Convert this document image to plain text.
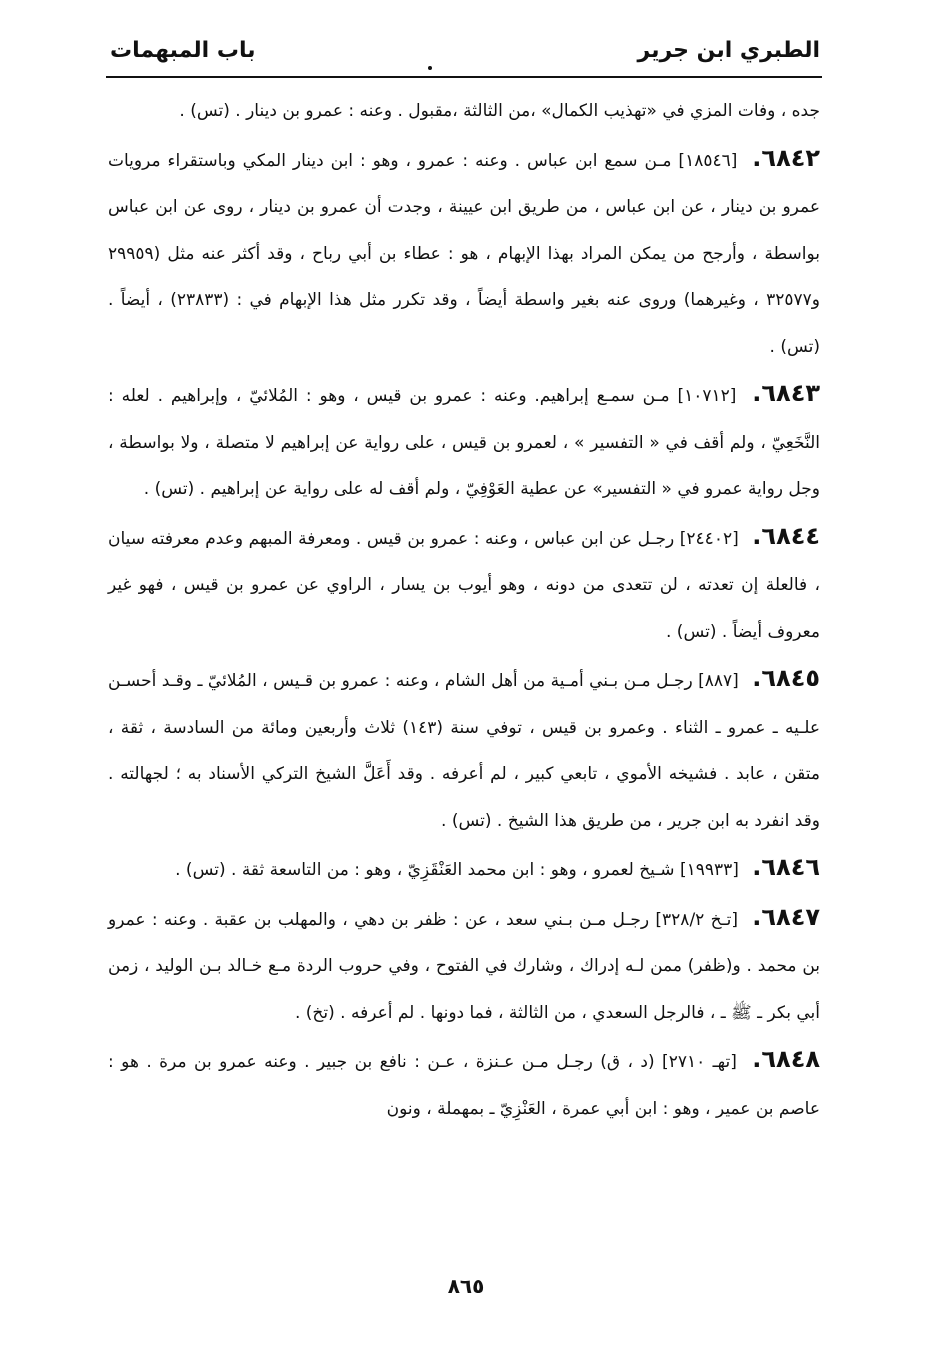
الطبري ابن جرير
باب المبهمات

جده ، وفات المزي في «تهذيب الكمال» ،من الثالثة ،مقبول . وعنه : عمرو بن دينار . (تس) .

٦٨٤٢. [١٨٥٤٦] مـن سمع ابن عباس . وعنه : عمرو ، وهو : ابن دينار المكي وباستقراء مرويات عمرو بن دينار ، عن ابن عباس ، من طريق ابن عيينة ، وجدت أن عمرو بن دينار ، روى عن ابن عباس بواسطة ، وأرجح من يمكن المراد بهذا الإبهام ، هو : عطاء بن أبي رباح ، وقد أكثر عنه مثل (٢٩٩٥٩ و٣٢٥٧٧ ، وغيرهما) وروى عنه بغير واسطة أيضاً ، وقد تكرر مثل هذا الإبهام في : (٢٣٨٣٣) ، أيضاً . (تس) .

٦٨٤٣. [١٠٧١٢] مـن سمـع إبراهيم. وعنه : عمرو بن قيس ، وهو : المُلائيّ ، وإبراهيم . لعله : النَّخَعِيّ ، ولم أقف في « التفسير » ، لعمرو بن قيس ، على رواية عن إبراهيم لا متصلة ، ولا بواسطة ، وجل رواية عمرو في « التفسير» عن عطية العَوْفِيّ ، ولم أقف له على رواية عن إبراهيم . (تس) .

٦٨٤٤. [٢٤٤٠٢] رجـل عن ابن عباس ، وعنه : عمرو بن قيس . ومعرفة المبهم وعدم معرفته سيان ، فالعلة إن تعدته ، لن تتعدى من دونه ، وهو أيوب بن يسار ، الراوي عن عمرو بن قيس ، فهو غير معروف أيضاً . (تس) .

٦٨٤٥. [٨٨٧] رجـل مـن بـني أمـية من أهل الشام ، وعنه : عمرو بن قـيس ، المُلائيّ ـ وقـد أحسـن علـيه ـ عمرو ـ الثناء . وعمرو بن قيس ، توفي سنة (١٤٣) ثلاث وأربعين ومائة من السادسة ، ثقة ، متقن ، عابد . فشيخه الأموي ، تابعي كبير ، لم أعرفه . وقد أَعَلَّ الشيخ التركي الأسناد به ؛ لجهالته . وقد انفرد به ابن جرير ، من طريق هذا الشيخ . (تس) .

٦٨٤٦. [١٩٩٣٣] شـيخ لعمرو ، وهو : ابن محمد العَنْقَزِيّ ، وهو : من التاسعة ثقة . (تس) .

٦٨٤٧. [تـخ ٣٢٨/٢] رجـل مـن بـني سعد ، عن : ظفر بن دهي ، والمهلب بن عقبة . وعنه : عمرو بن محمد . و(ظفر) ممن لـه إدراك ، وشارك في الفتوح ، وفي حروب الردة مـع خـالد بـن الوليد ، زمن أبي بكر ـ ﷺ ـ ، فالرجل السعدي ، من الثالثة ، فما دونها . لم أعرفه . (تخ) .

٦٨٤٨. [تهـ ٢٧١٠] (د ، ق) رجـل مـن عـنزة ، عـن : نافع بن جبير . وعنه عمرو بن مرة . هو : عاصم بن عمير ، وهو : ابن أبي عمرة ، العَنْزِيّ ـ بمهملة ، ونون

٨٦٥
